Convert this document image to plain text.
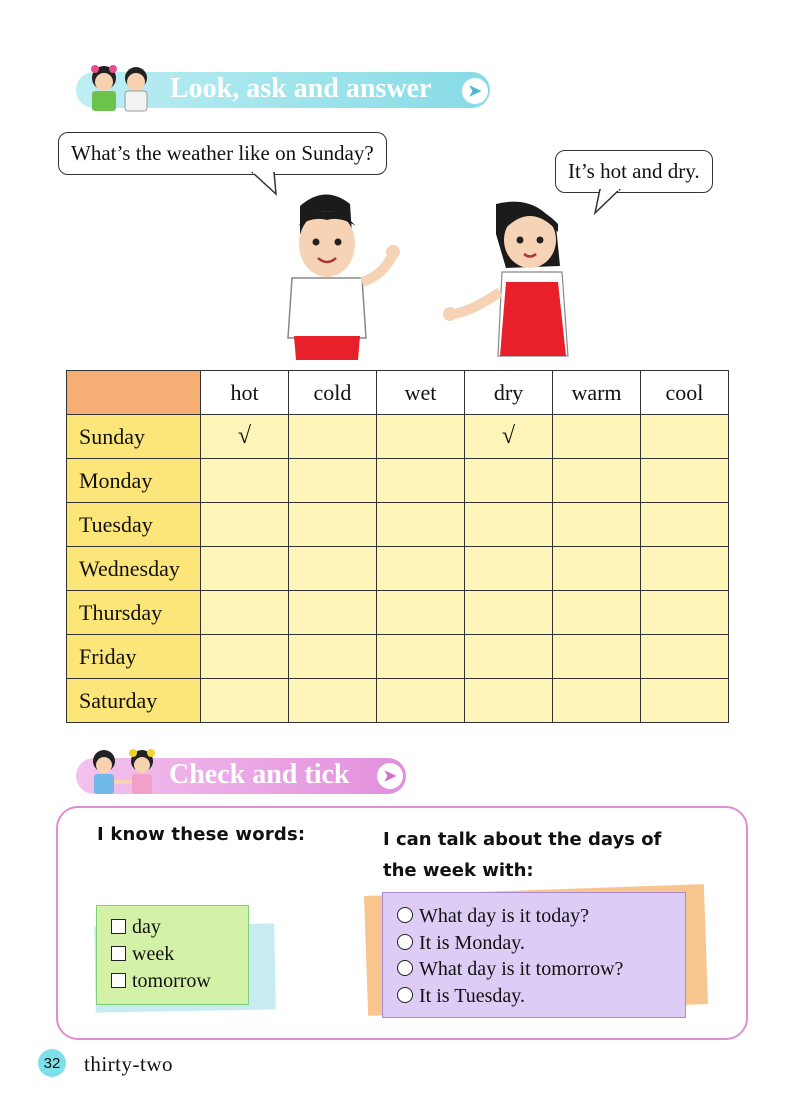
Look, ask and answer	➤
What’s the weather like on Sunday?
It’s hot and dry.
	hot	cold	wet	dry	warm	cool
Sunday	√			√		
Monday						
Tuesday						
Wednesday						
Thursday						
Friday						
Saturday						
Check and tick	➤
I know these words:	I can talk about the days of
the week with:
day
week
tomorrow
What day is it today?
It is Monday.
What day is it tomorrow?
It is Tuesday.
32 thirty-two
